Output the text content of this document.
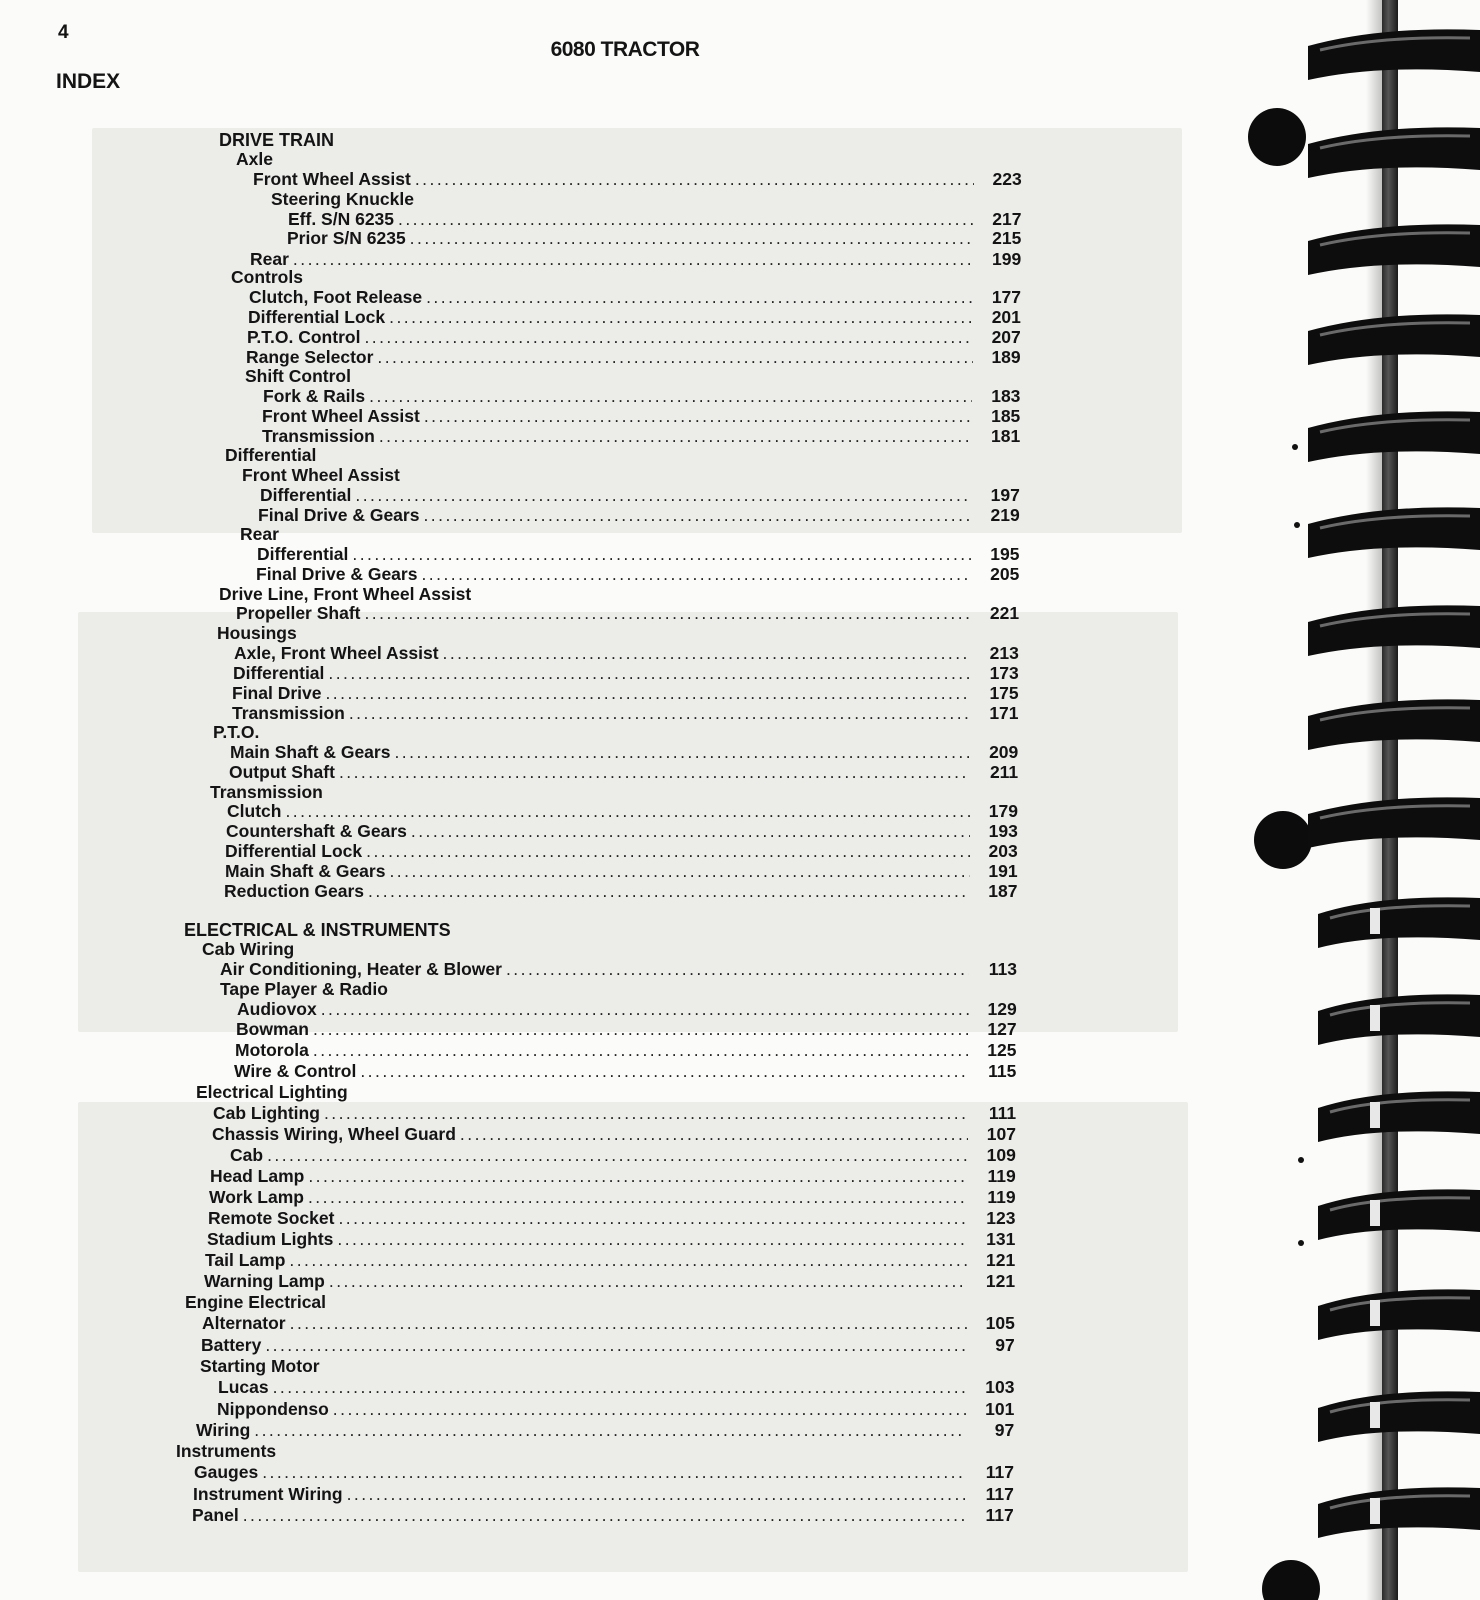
4
INDEX
6080 TRACTOR
DRIVE TRAIN
Axle
Front Wheel Assist . . .	223
Steering Knuckle
Eff. S/N 6235 . . .	217
Prior S/N 6235 . . .	215
Rear . . .	199
Controls
Clutch, Foot Release . . .	177
Differential Lock . . .	201
P.T.O. Control . . .	207
Range Selector . . .	189
Shift Control
Fork & Rails . . .	183
Front Wheel Assist . . .	185
Transmission . . .	181
Differential
Front Wheel Assist
Differential . . .	197
Final Drive & Gears . . .	219
Rear
Differential . . .	195
Final Drive & Gears . . .	205
Drive Line, Front Wheel Assist
Propeller Shaft . . .	221
Housings
Axle, Front Wheel Assist . . .	213
Differential . . .	173
Final Drive . . .	175
Transmission . . .	171
P.T.O.
Main Shaft & Gears . . .	209
Output Shaft . . .	211
Transmission
Clutch . . .	179
Countershaft & Gears . . .	193
Differential Lock . . .	203
Main Shaft & Gears . . .	191
Reduction Gears . . .	187
ELECTRICAL & INSTRUMENTS
Cab Wiring
Air Conditioning, Heater & Blower . . .	113
Tape Player & Radio
Audiovox . . .	129
Bowman . . .	127
Motorola . . .	125
Wire & Control . . .	115
Electrical Lighting
Cab Lighting . . .	111
Chassis Wiring, Wheel Guard . . .	107
Cab . . .	109
Head Lamp . . .	119
Work Lamp . . .	119
Remote Socket . . .	123
Stadium Lights . . .	131
Tail Lamp . . .	121
Warning Lamp . . .	121
Engine Electrical
Alternator . . .	105
Battery . . .	97
Starting Motor
Lucas . . .	103
Nippondenso . . .	101
Wiring . . .	97
Instruments
Gauges . . .	117
Instrument Wiring . . .	117
Panel . . .	117
